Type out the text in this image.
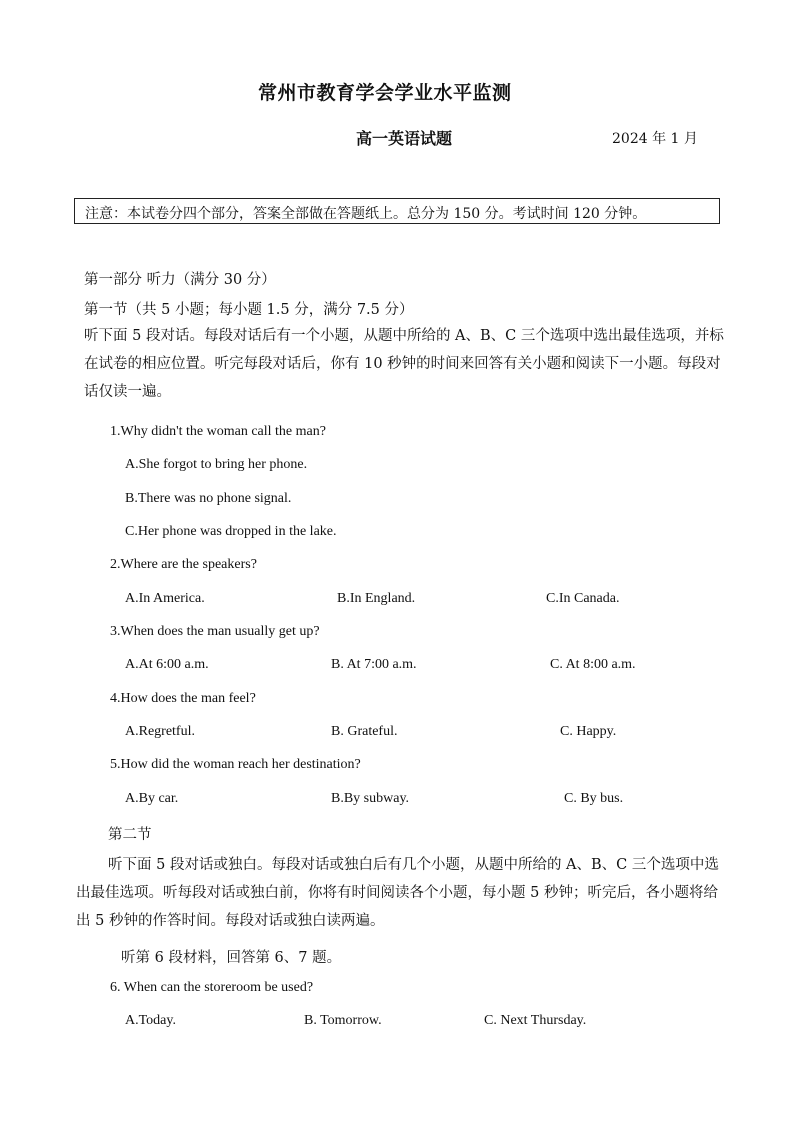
常州市教育学会学业水平监测
高一英语试题	2024 年 1 月
注意：本试卷分四个部分，答案全部做在答题纸上。总分为 150 分。考试时间 120 分钟。
第一部分 听力（满分 30 分）
第一节（共 5 小题；每小题 1.5 分，满分 7.5 分）
听下面 5 段对话。每段对话后有一个小题，从题中所给的 A、B、C 三个选项中选出最佳选项，并标在试卷的相应位置。听完每段对话后，你有 10 秒钟的时间来回答有关小题和阅读下一小题。每段对话仅读一遍。
1.Why didn't the woman call the man?
A.She forgot to bring her phone.
B.There was no phone signal.
C.Her phone was dropped in the lake.
2.Where are the speakers?
A.In America.	B.In England.	C.In Canada.
3.When does the man usually get up?
A.At 6:00 a.m.	B. At 7:00 a.m.	C. At 8:00 a.m.
4.How does the man feel?
A.Regretful.	B. Grateful.	C. Happy.
5.How did the woman reach her destination?
A.By car.	B.By subway.	C. By bus.
第二节
听下面 5 段对话或独白。每段对话或独白后有几个小题，从题中所给的 A、B、C 三个选项中选出最佳选项。听每段对话或独白前，你将有时间阅读各个小题，每小题 5 秒钟；听完后，各小题将给出 5 秒钟的作答时间。每段对话或独白读两遍。
听第 6 段材料，回答第 6、7 题。
6. When can the storeroom be used?
A.Today.	B. Tomorrow.	C. Next Thursday.
